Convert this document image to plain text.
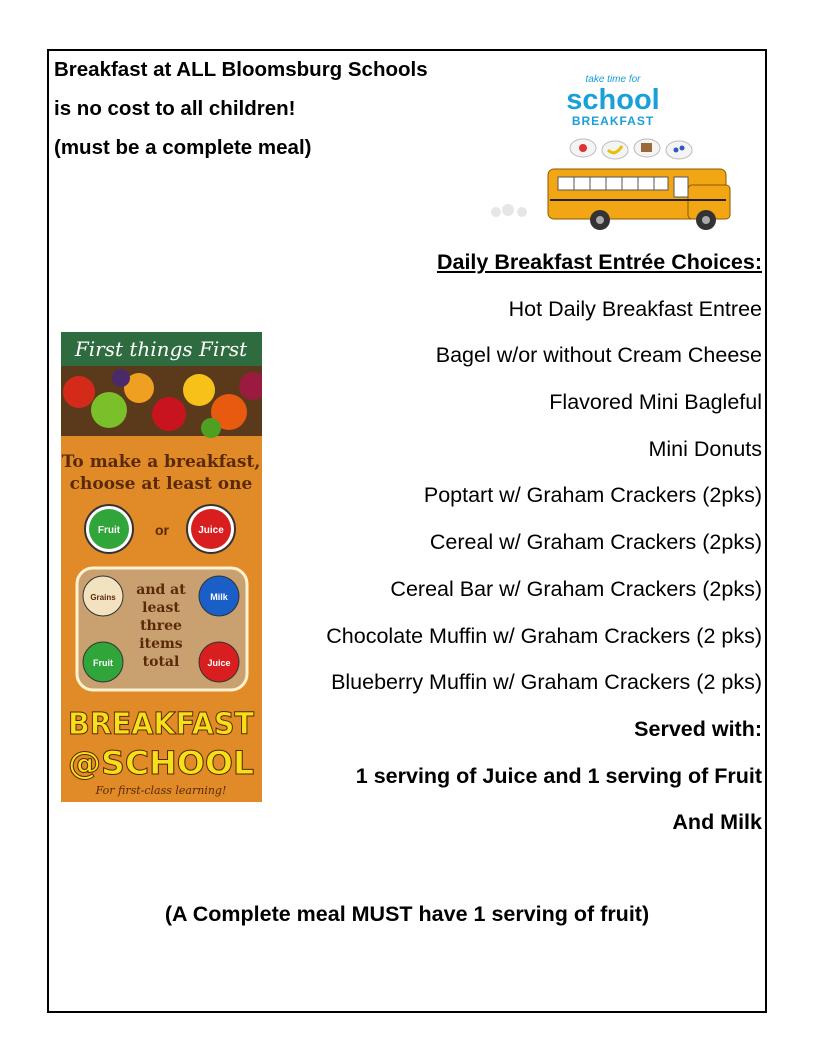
Breakfast at ALL Bloomsburg Schools
is no cost to all children!
(must be a complete meal)
take time for
school
BREAKFAST
First things First
To make a breakfast,
choose at least one
Fruit or	Juice
Grains	Milk
Fruit	Juice
and at
least
three
items
total
BREAKFAST
@SCHOOL
For first-class learning!
Daily Breakfast Entrée Choices:
Hot Daily Breakfast Entree
Bagel w/or without Cream Cheese
Flavored Mini Bagleful
Mini Donuts
Poptart w/ Graham Crackers (2pks)
Cereal w/ Graham Crackers (2pks)
Cereal Bar w/ Graham Crackers (2pks)
Chocolate Muffin w/ Graham Crackers (2 pks)
Blueberry Muffin w/ Graham Crackers (2 pks)
Served with:
1 serving of Juice and 1 serving of Fruit
And Milk
(A Complete meal MUST have 1 serving of fruit)
